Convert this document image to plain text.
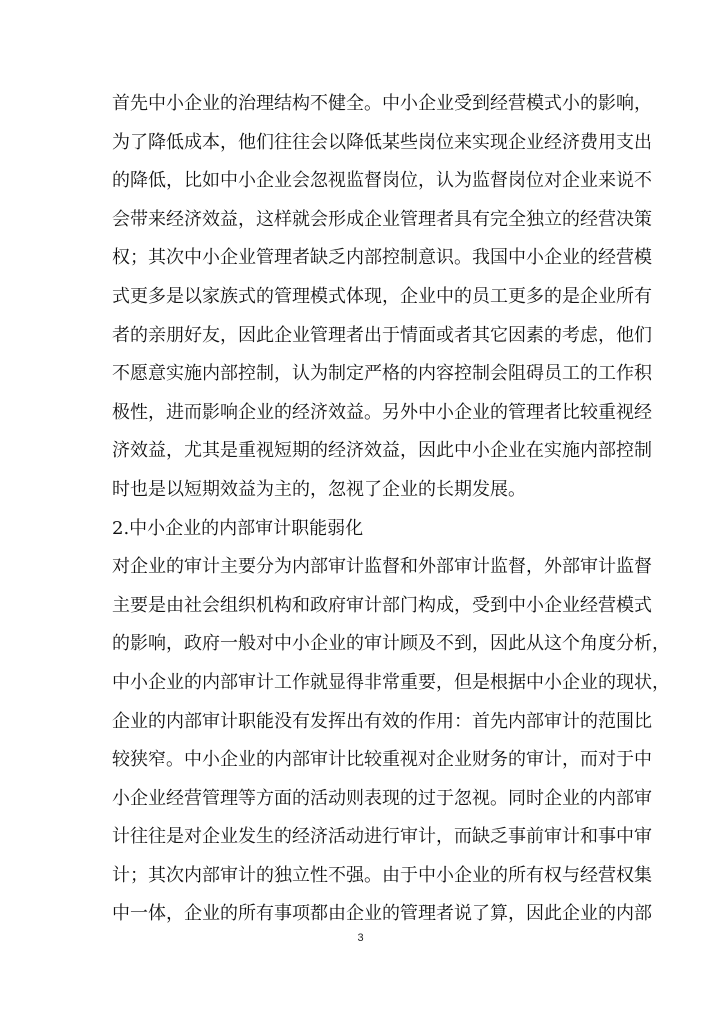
首先中小企业的治理结构不健全。中小企业受到经营模式小的影响，
为了降低成本，他们往往会以降低某些岗位来实现企业经济费用支出
的降低，比如中小企业会忽视监督岗位，认为监督岗位对企业来说不
会带来经济效益，这样就会形成企业管理者具有完全独立的经营决策
权；其次中小企业管理者缺乏内部控制意识。我国中小企业的经营模
式更多是以家族式的管理模式体现，企业中的员工更多的是企业所有
者的亲朋好友，因此企业管理者出于情面或者其它因素的考虑，他们
不愿意实施内部控制，认为制定严格的内容控制会阻碍员工的工作积
极性，进而影响企业的经济效益。另外中小企业的管理者比较重视经
济效益，尤其是重视短期的经济效益，因此中小企业在实施内部控制
时也是以短期效益为主的，忽视了企业的长期发展。
2.中小企业的内部审计职能弱化
对企业的审计主要分为内部审计监督和外部审计监督，外部审计监督
主要是由社会组织机构和政府审计部门构成，受到中小企业经营模式
的影响，政府一般对中小企业的审计顾及不到，因此从这个角度分析，
中小企业的内部审计工作就显得非常重要，但是根据中小企业的现状，
企业的内部审计职能没有发挥出有效的作用：首先内部审计的范围比
较狭窄。中小企业的内部审计比较重视对企业财务的审计，而对于中
小企业经营管理等方面的活动则表现的过于忽视。同时企业的内部审
计往往是对企业发生的经济活动进行审计，而缺乏事前审计和事中审
计；其次内部审计的独立性不强。由于中小企业的所有权与经营权集
中一体，企业的所有事项都由企业的管理者说了算，因此企业的内部
3
